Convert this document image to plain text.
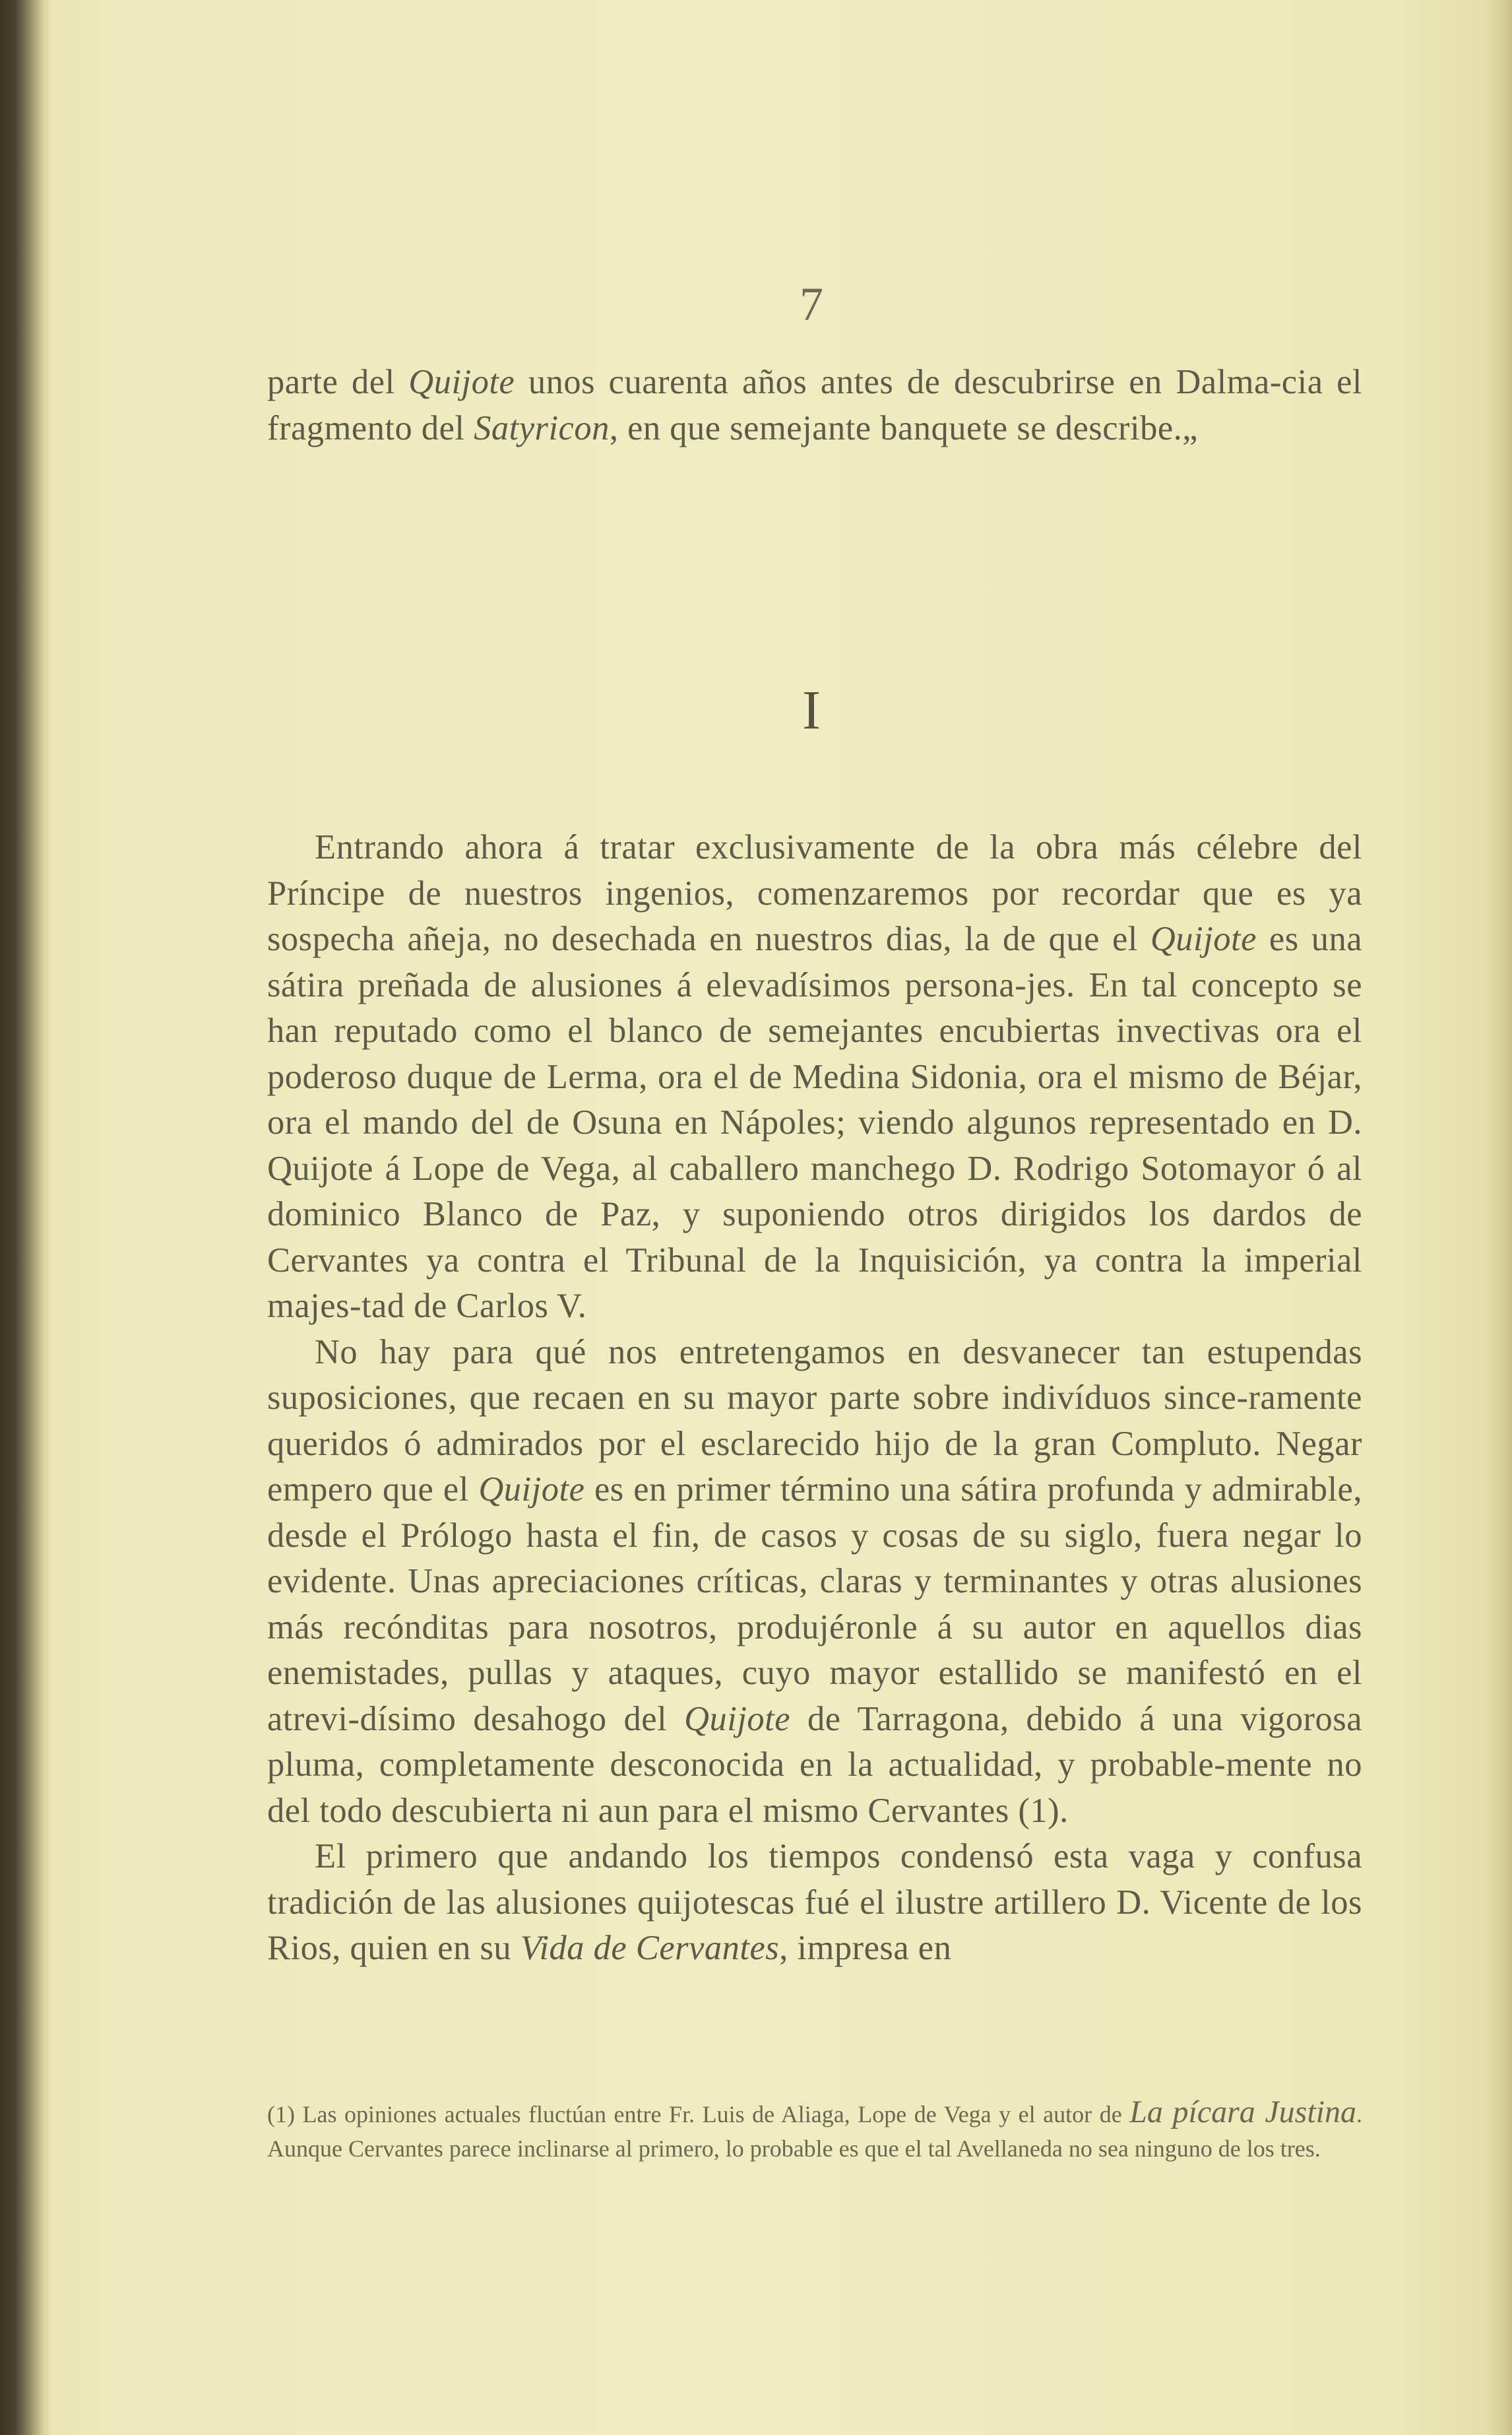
7

parte del Quijote unos cuarenta años antes de descubrirse en Dalma-cia el fragmento del Satyricon, en que semejante banquete se describe.„

I

Entrando ahora á tratar exclusivamente de la obra más célebre del Príncipe de nuestros ingenios, comenzaremos por recordar que es ya sospecha añeja, no desechada en nuestros dias, la de que el Quijote es una sátira preñada de alusiones á elevadísimos persona-jes. En tal concepto se han reputado como el blanco de semejantes encubiertas invectivas ora el poderoso duque de Lerma, ora el de Medina Sidonia, ora el mismo de Béjar, ora el mando del de Osuna en Nápoles; viendo algunos representado en D. Quijote á Lope de Vega, al caballero manchego D. Rodrigo Sotomayor ó al dominico Blanco de Paz, y suponiendo otros dirigidos los dardos de Cervantes ya contra el Tribunal de la Inquisición, ya contra la imperial majes-tad de Carlos V.

No hay para qué nos entretengamos en desvanecer tan estupendas suposiciones, que recaen en su mayor parte sobre indivíduos since-ramente queridos ó admirados por el esclarecido hijo de la gran Compluto. Negar empero que el Quijote es en primer término una sátira profunda y admirable, desde el Prólogo hasta el fin, de casos y cosas de su siglo, fuera negar lo evidente. Unas apreciaciones críticas, claras y terminantes y otras alusiones más recónditas para nosotros, produjéronle á su autor en aquellos dias enemistades, pullas y ataques, cuyo mayor estallido se manifestó en el atrevi-dísimo desahogo del Quijote de Tarragona, debido á una vigorosa pluma, completamente desconocida en la actualidad, y probable-mente no del todo descubierta ni aun para el mismo Cervantes (1).

El primero que andando los tiempos condensó esta vaga y confusa tradición de las alusiones quijotescas fué el ilustre artillero D. Vicente de los Rios, quien en su Vida de Cervantes, impresa en

(1) Las opiniones actuales fluctúan entre Fr. Luis de Aliaga, Lope de Vega y el autor de La pícara Justina. Aunque Cervantes parece inclinarse al primero, lo probable es que el tal Avellaneda no sea ninguno de los tres.
